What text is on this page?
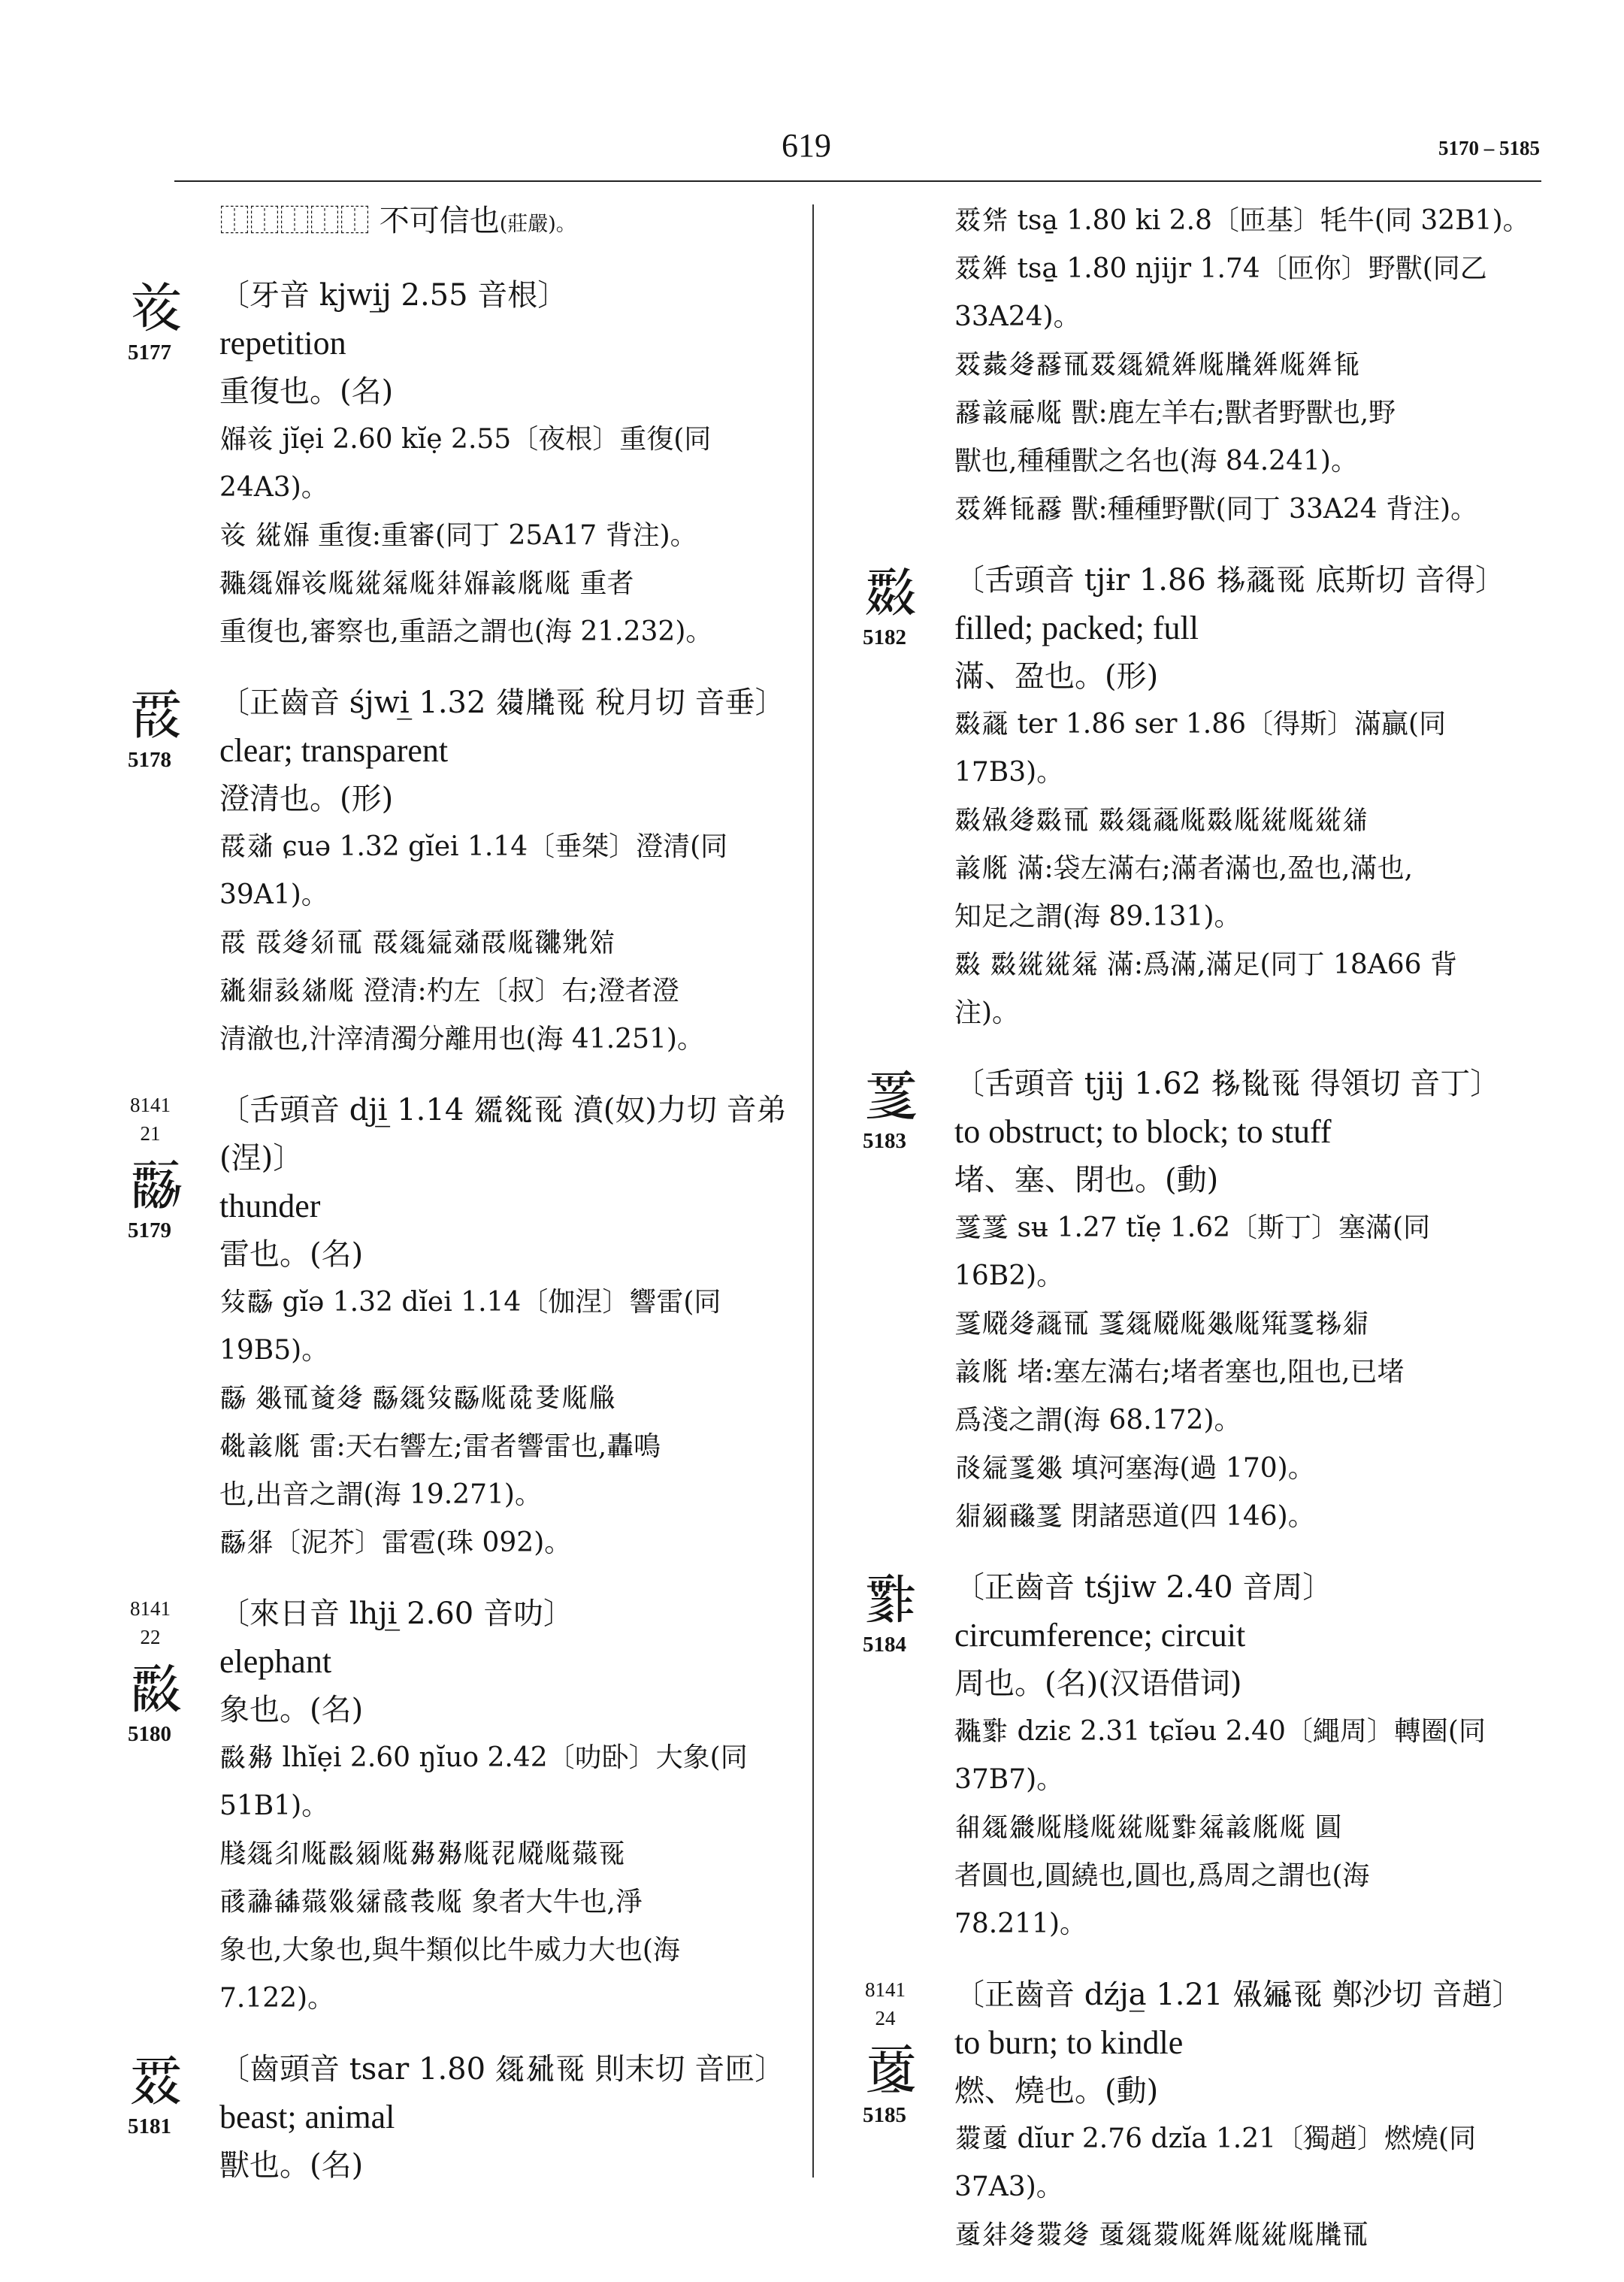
619	5170 – 5185
⿰⿰⿰⿰⿰ 不可信也(莊嚴)。
𘝞
5177
〔牙音 kjwi̲j 2.55 音根〕
repetition
重復也。(名)
𗏵𘝞 jĭẹi 2.60 kĭẹ 2.55〔夜根〕重復(同24A3)。
𘝞 𗦲𗏵 重復:重審(同丁 25A17 背注)。
𗖵𗧯𗏵𘝞𗅉𗦲𗤿𗅉𗢳𗏵𗓁𗅋𗅉 重者
重復也,審察也,重語之謂也(海 21.232)。
𘟀
5178
〔正齒音 śjwi̲ 1.32 𗩈𗹬𗀔 稅月切 音垂〕
clear; transparent
澄清也。(形)
𘟀𗶂 ɕuə 1.32 gĭei 1.14〔垂桀〕澄清(同
39A1)。
𘟀 𘟀𗫶𗢯𗀋 𘟀𗧯𗦇𗶂𘟀𗅉𗘜𗊢𗼻
𗡶𗤋𗙷𗣫𗅉 澄清:杓左〔叔〕右;澄者澄
清澈也,汁滓清濁分離用也(海 41.251)。
8141
21
𘟁
5179
〔舌頭音 dji̲ 1.14 𗫖𗬬𗀔 濆(奴)力切 音弟(涅)〕
thunder
雷也。(名)
𗊏𘟁 gĭə 1.32 dĭei 1.14〔伽涅〕響雷(同
19B5)。
𘟁 𗬆𗀋𗒹𗫶 𘟁𗧯𗊏𘟁𗅉𗱕𗱖𗅉𗆐
𗎒𗓁𗅋 雷:天右響左;雷者響雷也,轟鳴
也,出音之謂(海 19.271)。
𘟁𗼋〔泥芥〕雷雹(珠 092)。
8141
22
𘟂
5180
〔來日音 lhji̲ 2.60 音叻〕
elephant
象也。(名)
𘟂𗉛 lhĭẹi 2.60 ŋĭuo 2.42〔叻卧〕大象(同
51B1)。
𗹦𗧯𗼃𗅉𘟂𗥃𗅉𗉛𗉛𗅉𗕿𗆧𗅉𗜓𗀔
𗷝𗹕𗺿𗜓𗬏𗥀𗱽𗲿𗅉 象者大牛也,淨
象也,大象也,與牛類似比牛威力大也(海
7.122)。
𘟃
5181
〔齒頭音 tsar 1.80 𗧯𗉣𗀔 則末切 音匝〕
beast; animal
獸也。(名)
𘟃𗊜 tsa̱ 1.80 ki 2.8〔匝基〕牦牛(同 32B1)。
𘟃𗤶 tsa̱ 1.80 njijr 1.74〔匝你〕野獸(同乙
33A24)。
𘟃𗳀𗫶𗵒𗀋𘟃𗧯𗨳𗤶𗅉𗹬𗤶𗅉𗤶𗺉
𗵒𗓁𗄊𗅉 獸:鹿左羊右;獸者野獸也,野
獸也,種種獸之名也(海 84.241)。
𘟃𗤶𗺉𗵒 獸:種種野獸(同丁 33A24 背注)。
𘟄
5182
〔舌頭音 tjɨr 1.86 𗈪𗹙𗀔 底斯切 音得〕
filled; packed; full
滿、盈也。(形)
𘟄𗹙 ter 1.86 ser 1.86〔得斯〕滿贏(同 17B3)。
𘟄𗏣𗫶𘟄𗀋 𘟄𗧯𗹙𗅉𘟄𗅉𗦲𗅉𗦲𗥢
𗓁𗅋 滿:袋左滿右;滿者滿也,盈也,滿也,
知足之謂(海 89.131)。
𘟄 𘟄𗦲𗦲𗤿 滿:爲滿,滿足(同丁 18A66 背
注)。
𘟅
5183
〔舌頭音 tjij 1.62 𗈪𘆘𗀔 得領切 音丁〕
to obstruct; to block; to stuff
堵、塞、閉也。(動)
𘟅𘟅 sʉ 1.27 tĭẹ 1.62〔斯丁〕塞滿(同 16B2)。
𘟅𗆧𗫶𗹙𗀋 𘟅𗧯𗆧𗅉𗬆𗅉𗋕𘟅𗈪𗤋
𗓁𗅋 堵:塞左滿右;堵者塞也,阻也,已堵
爲淺之謂(海 68.172)。
𗰗𗦇𘟅𗬆 填河塞海(過 170)。
𗤋𗥃𗸑𘟅 閉諸惡道(四 146)。
𘟆
5184
〔正齒音 tśjiw 2.40 音周〕
circumference; circuit
周也。(名)(汉语借词)
𗖵𘟆 dziɛ 2.31 tɕĭəu 2.40〔繩周〕轉圈(同
37B7)。
𗺛𗧯𗫦𗅉𗹦𗅉𗦲𗅉𘟆𗤿𗓁𗅋𗅉 圓
者圓也,圓繞也,圓也,爲周之謂也(海
78.211)。
8141
24
𘟇
5185
〔正齒音 dźja̲ 1.21 𗏣𗩾𗀔 鄭沙切 音趙〕
to burn; to kindle
燃、燒也。(動)
𗷅𘟇 dĭur 2.76 dzĭa 1.21〔獨趙〕燃燒(同
37A3)。
𘟇𗢳𗫶𗷅𗫶 𘟇𗧯𗷅𗅉𗤶𗅉𗦲𗅉𗹬𗀋
